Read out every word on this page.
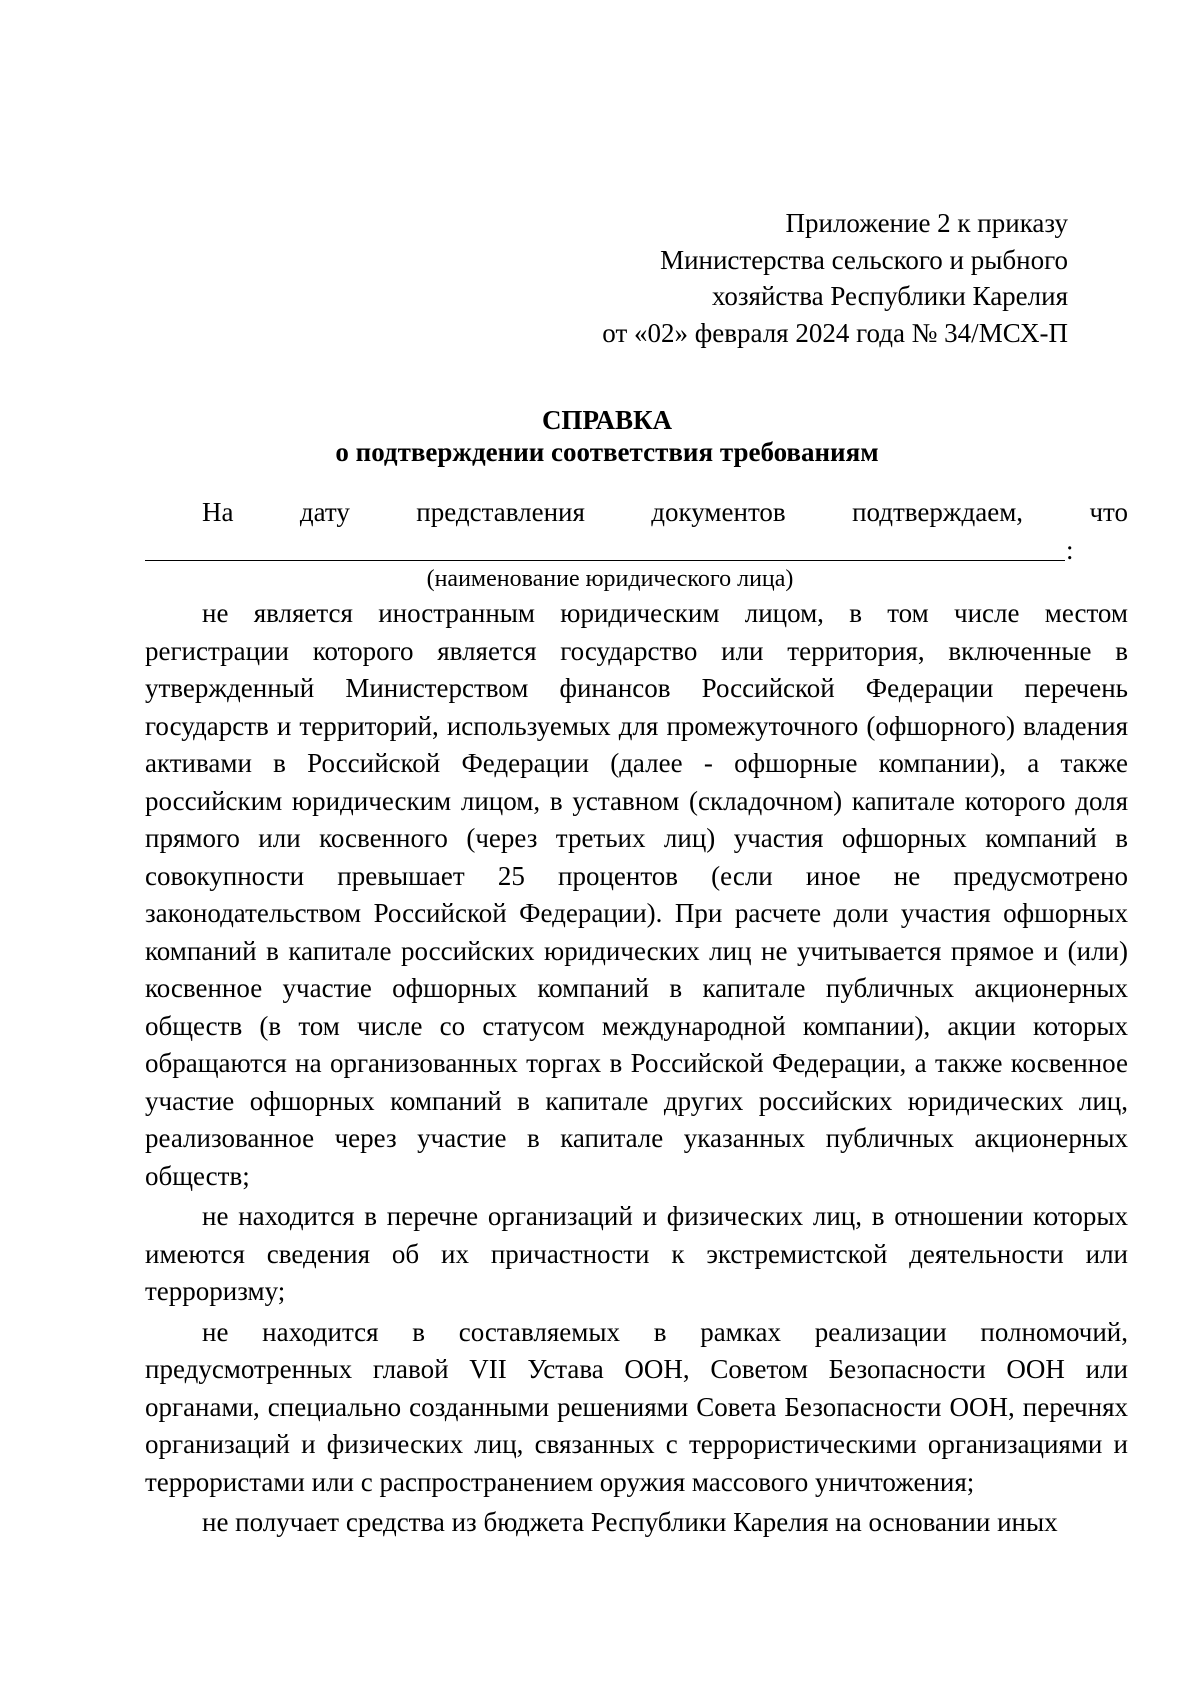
Приложение 2 к приказу
Министерства сельского и рыбного
хозяйства Республики Карелия
от «02» февраля 2024 года № 34/МСХ-П
СПРАВКА
о подтверждении соответствия требованиям
На дату представления документов подтверждаем, что
:
(наименование юридического лица)

не является иностранным юридическим лицом, в том числе местом регистрации которого является государство или территория, включенные в утвержденный Министерством финансов Российской Федерации перечень государств и территорий, используемых для промежуточного (офшорного) владения активами в Российской Федерации (далее - офшорные компании), а также российским юридическим лицом, в уставном (складочном) капитале которого доля прямого или косвенного (через третьих лиц) участия офшорных компаний в совокупности превышает 25 процентов (если иное не предусмотрено законодательством Российской Федерации). При расчете доли участия офшорных компаний в капитале российских юридических лиц не учитывается прямое и (или) косвенное участие офшорных компаний в капитале публичных акционерных обществ (в том числе со статусом международной компании), акции которых обращаются на организованных торгах в Российской Федерации, а также косвенное участие офшорных компаний в капитале других российских юридических лиц, реализованное через участие в капитале указанных публичных акционерных обществ;

не находится в перечне организаций и физических лиц, в отношении которых имеются сведения об их причастности к экстремистской деятельности или терроризму;

не находится в составляемых в рамках реализации полномочий, предусмотренных главой VII Устава ООН, Советом Безопасности ООН или органами, специально созданными решениями Совета Безопасности ООН, перечнях организаций и физических лиц, связанных с террористическими организациями и террористами или с распространением оружия массового уничтожения;

не получает средства из бюджета Республики Карелия на основании иных
